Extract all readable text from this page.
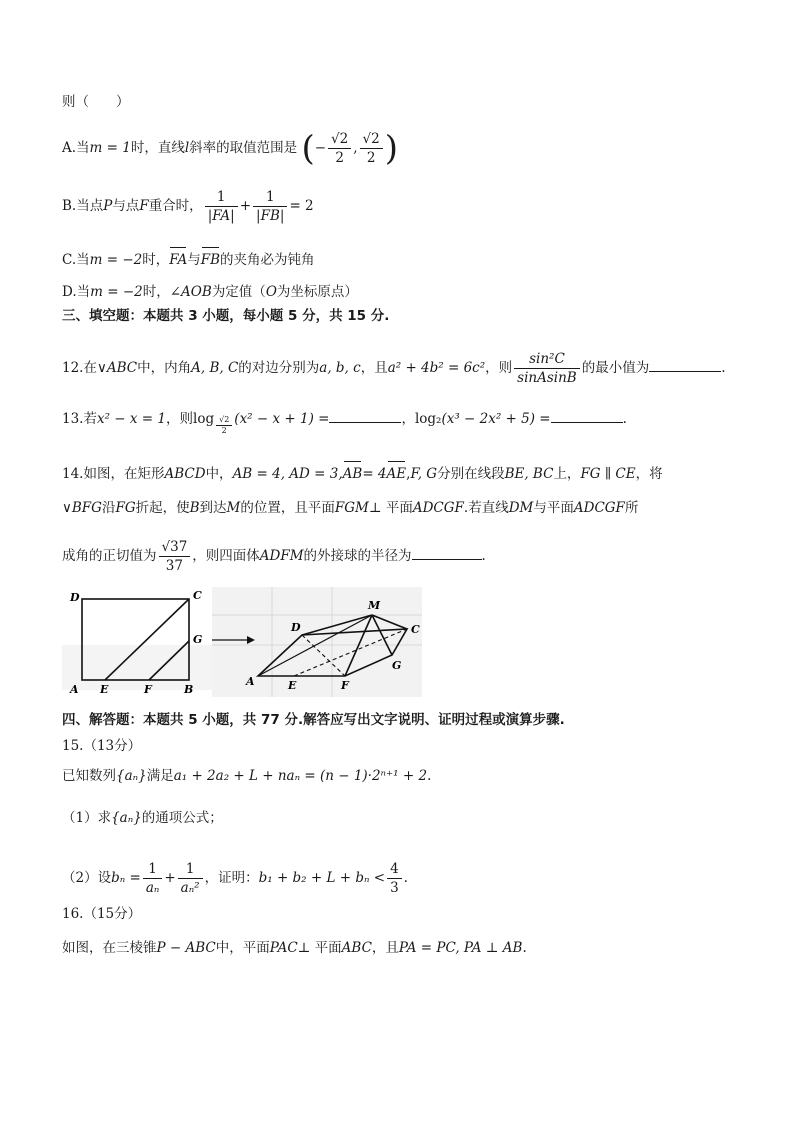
则（　　）
A.当m = 1时，直线l斜率的取值范围是 (− $\frac{√2}{2}$ , $\frac{√2}{2}$ )
B.当点P与点F重合时， $\frac{1}{|FA|} + \frac{1}{|FB|} = 2$
C.当m = −2时，FA与FB的夹角必为钝角
D.当m = −2时，∠AOB为定值（O为坐标原点）
三、填空题：本题共 3 小题，每小题 5 分，共 15 分.
12.在∨ABC中，内角A, B, C的对边分别为a, b, c，且a² + 4b² = 6c²，则 $\frac{\text{sin²C}}{\text{sinAsinB}}$ 的最小值为	.
13.若x² − x = 1，则$\log \frac{√2}{2} (x^2 - x + 1)$ =	，log₂(x³ − 2x² + 5) =	.
14.如图，在矩形ABCD中，AB = 4, AD = 3,AB= 4AE,F, G分别在线段BE, BC上，FG ∥ CE，将
∨BFG沿FG折起，使B到达M的位置，且平面FGM⊥ 平面ADCGF.若直线DM与平面ADCGF所
成角的正切值为 $\frac{√37}{37}$ ，则四面体ADFM的外接球的半径为	.
D	C
G
A E	F	B
D
M
C
G
A	E	F
四、解答题：本题共 5 小题，共 77 分.解答应写出文字说明、证明过程或演算步骤.
15.（13分）
已知数列{aₙ}满足a₁ + 2a₂ + L + naₙ = (n − 1)·2ⁿ⁺¹ + 2.
（1）求{aₙ}的通项公式；
（2）设$b_n = \frac{1}{\text{aₙ}} + \frac{1}{\text{aₙ²}}$ ，证明：$b_1 + b_2 + L + b_n < \frac{4}{3}$ .
16.（15分）
如图，在三棱锥P − ABC中，平面PAC⊥ 平面ABC，且PA = PC, PA ⊥ AB.
